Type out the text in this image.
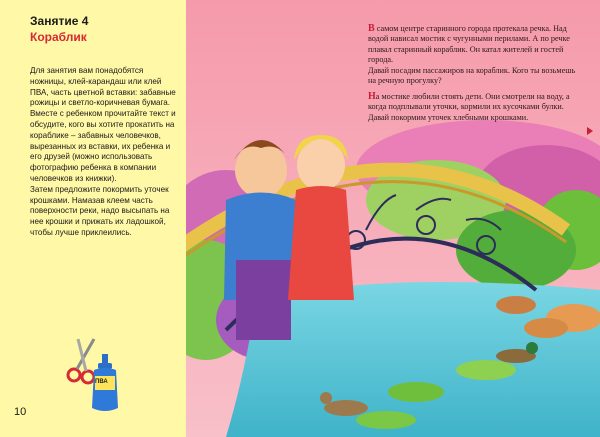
Занятие 4
Кораблик

Для занятия вам понадобятся ножницы, клей-карандаш или клей ПВА, часть цветной вставки: забавные рожицы и светло-коричневая бумага.

Вместе с ребенком прочитайте текст и обсудите, кого вы хотите прокатить на кораблике – забавных человечков, вырезанных из вставки, их ребенка и его друзей (можно использовать фотографию ребенка в компании человечков из книжки).

Затем предложите покормить уточек крошками. Намазав клеем часть поверхности реки, надо высыпать на нее крошки и прижать их ладошкой, чтобы лучше приклеились.

ПВА
10

В самом центре старинного города протекала речка. Над водой нависал мостик с чугунными перилами. А по речке плавал старинный кораблик. Он катал жителей и гостей города.

Давай посадим пассажиров на кораблик. Кого ты возьмешь на речную прогулку?

На мостике любили стоять дети. Они смотрели на воду, а когда подплывали уточки, кормили их кусочками булки.

Давай покормим уточек хлебными крошками.
